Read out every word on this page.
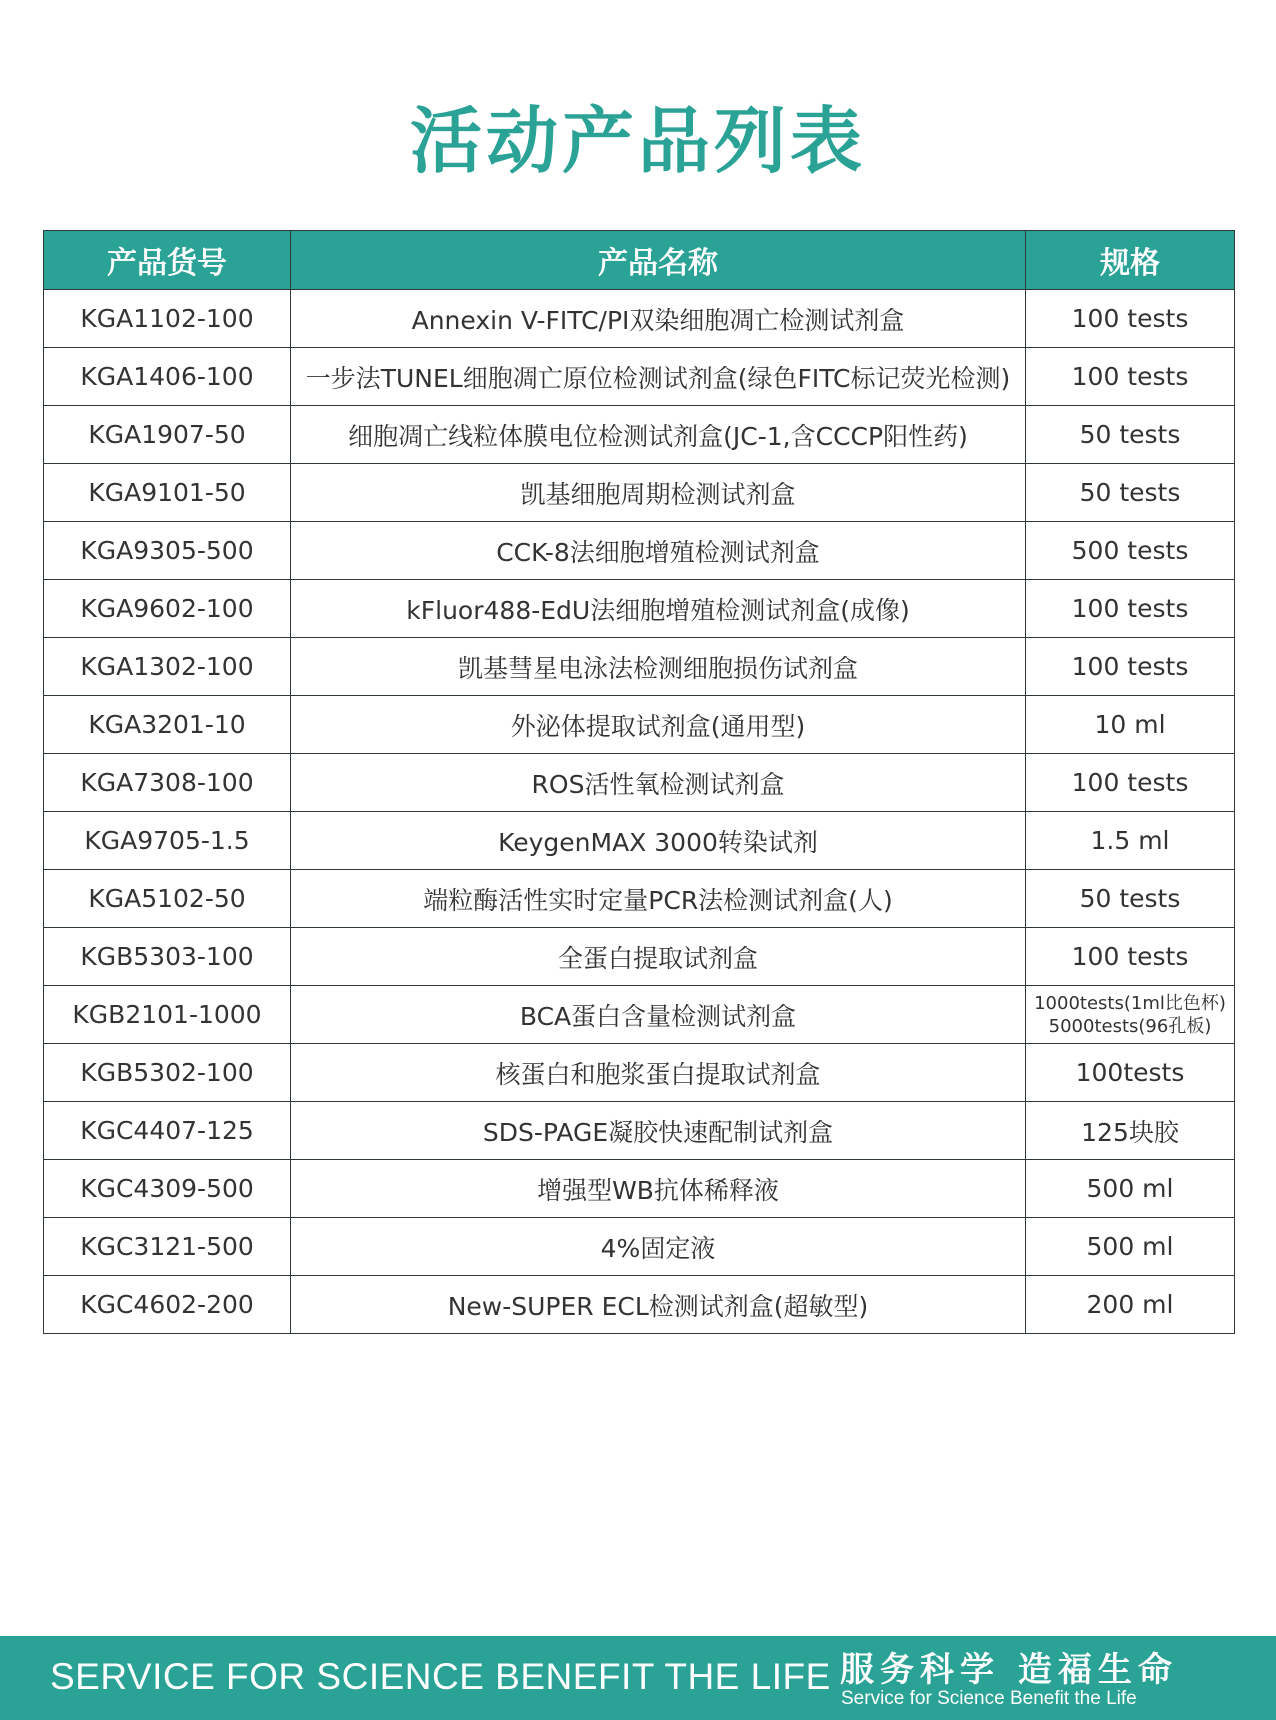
活动产品列表
产品货号	产品名称	规格
KGA1102-100	Annexin V-FITC/PI双染细胞凋亡检测试剂盒	100 tests

KGA1406-100	一步法TUNEL细胞凋亡原位检测试剂盒(绿色FITC标记荧光检测)	100 tests

KGA1907-50	细胞凋亡线粒体膜电位检测试剂盒(JC-1,含CCCP阳性药)	50 tests

KGA9101-50	凯基细胞周期检测试剂盒	50 tests

KGA9305-500	CCK-8法细胞增殖检测试剂盒	500 tests

KGA9602-100	kFluor488-EdU法细胞增殖检测试剂盒(成像)	100 tests

KGA1302-100	凯基彗星电泳法检测细胞损伤试剂盒	100 tests

KGA3201-10	外泌体提取试剂盒(通用型)	10 ml

KGA7308-100	ROS活性氧检测试剂盒	100 tests

KGA9705-1.5	KeygenMAX 3000转染试剂	1.5 ml

KGA5102-50	端粒酶活性实时定量PCR法检测试剂盒(人)	50 tests

KGB5303-100	全蛋白提取试剂盒	100 tests

KGB2101-1000	BCA蛋白含量检测试剂盒	1000tests(1ml比色杯)
5000tests(96孔板)

KGB5302-100	核蛋白和胞浆蛋白提取试剂盒	100tests

KGC4407-125	SDS-PAGE凝胶快速配制试剂盒	125块胶

KGC4309-500	增强型WB抗体稀释液	500 ml

KGC3121-500	4%固定液	500 ml

KGC4602-200	New-SUPER ECL检测试剂盒(超敏型)	200 ml
SERVICE FOR SCIENCE BENEFIT THE LIFE 服务科学 造福生命
Service for Science Benefit the Life
